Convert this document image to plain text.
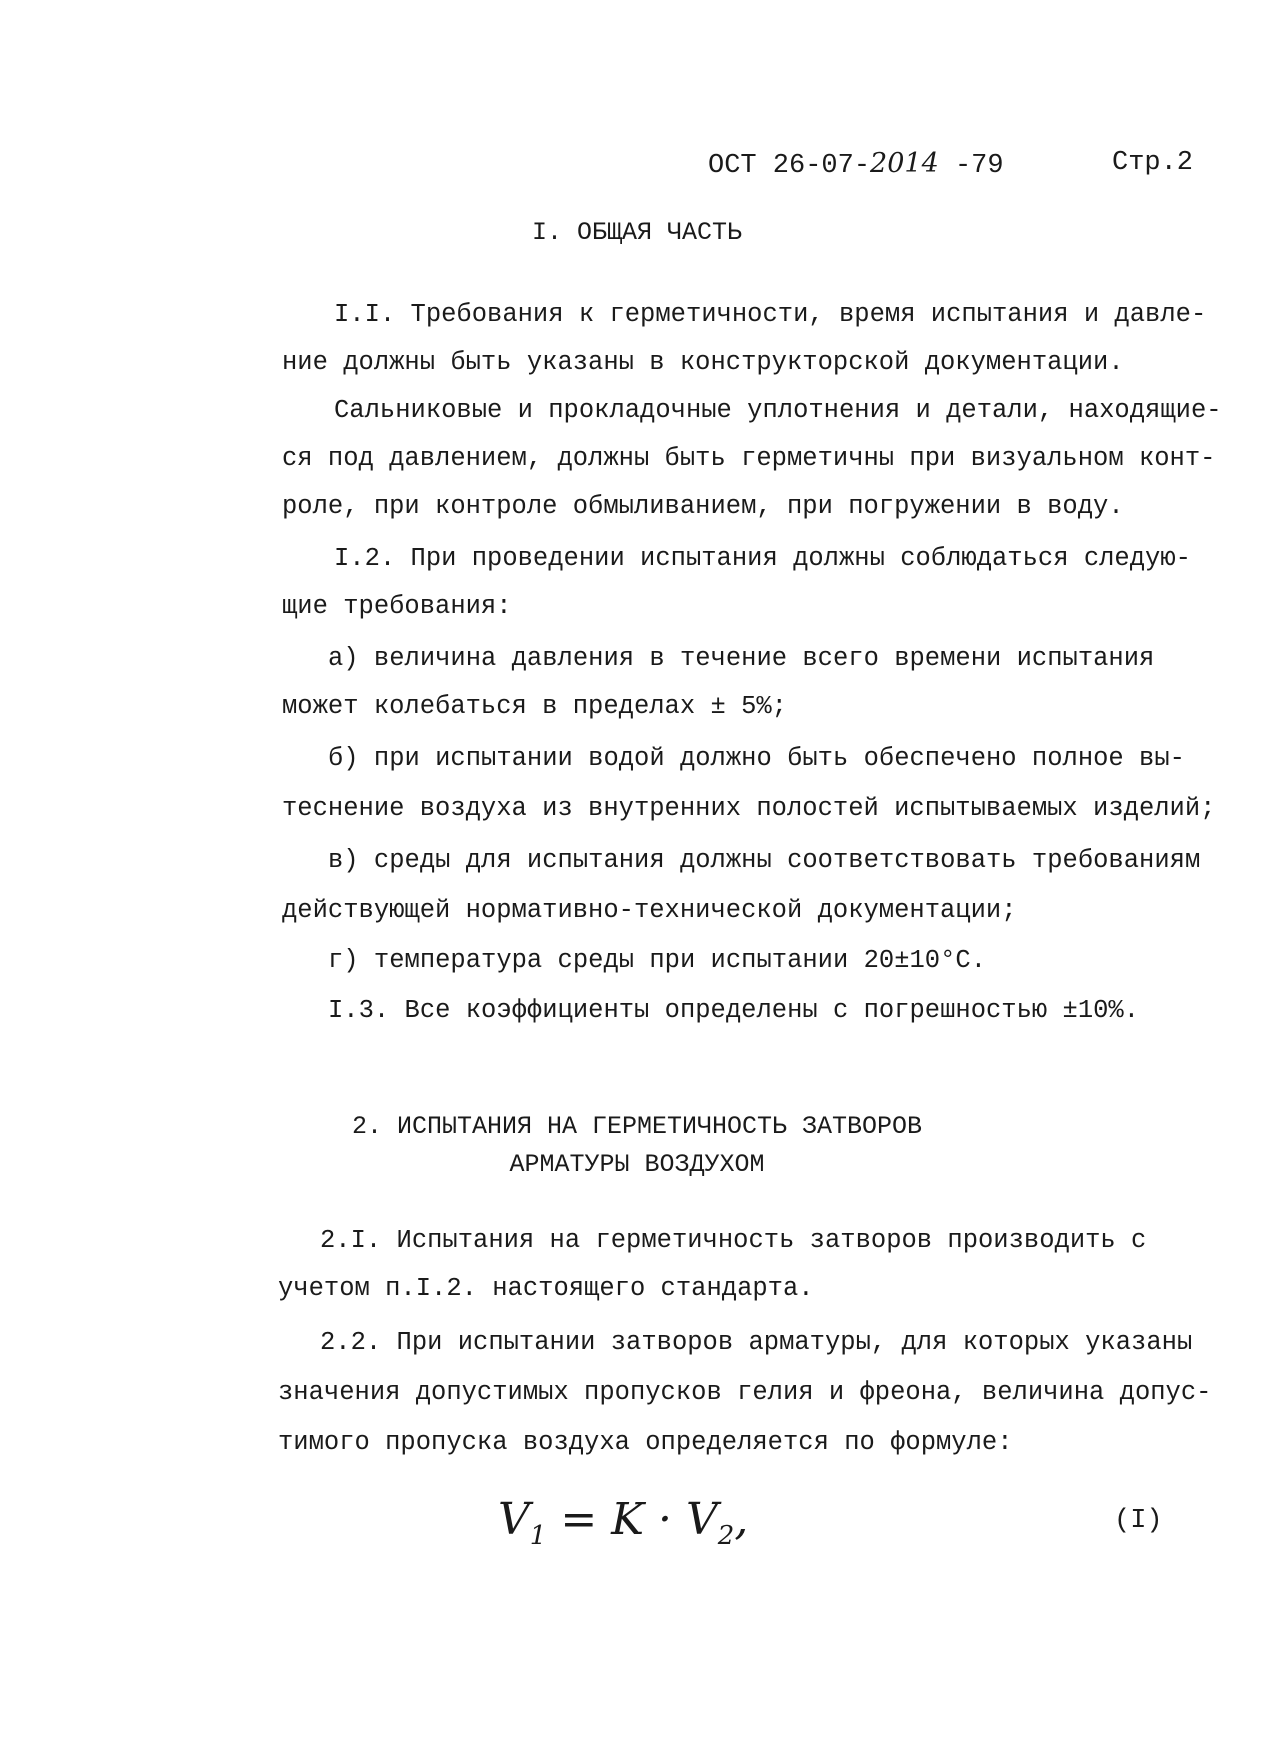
ОСТ 26-07-2014 -79	Стр.2
I. ОБЩАЯ ЧАСТЬ
I.I. Требования к герметичности, время испытания и давле-
ние должны быть указаны в конструкторской документации.
Сальниковые и прокладочные уплотнения и детали, находящие-
ся под давлением, должны быть герметичны при визуальном конт-
роле, при контроле обмыливанием, при погружении в воду.
I.2. При проведении испытания должны соблюдаться следую-
щие требования:
а) величина давления в течение всего времени испытания
может колебаться в пределах ± 5%;
б) при испытании водой должно быть обеспечено полное вы-
теснение воздуха из внутренних полостей испытываемых изделий;
в) среды для испытания должны соответствовать требованиям
действующей нормативно-технической документации;
г) температура среды при испытании 20±10°С.
I.3. Все коэффициенты определены с погрешностью ±10%.
2. ИСПЫТАНИЯ НА ГЕРМЕТИЧНОСТЬ ЗАТВОРОВ
АРМАТУРЫ ВОЗДУХОМ
2.I. Испытания на герметичность затворов производить с
учетом п.I.2. настоящего стандарта.
2.2. При испытании затворов арматуры, для которых указаны
значения допустимых пропусков гелия и фреона, величина допус-
тимого пропуска воздуха определяется по формуле:
$V_1 = K \cdot V_2$,	(I)
